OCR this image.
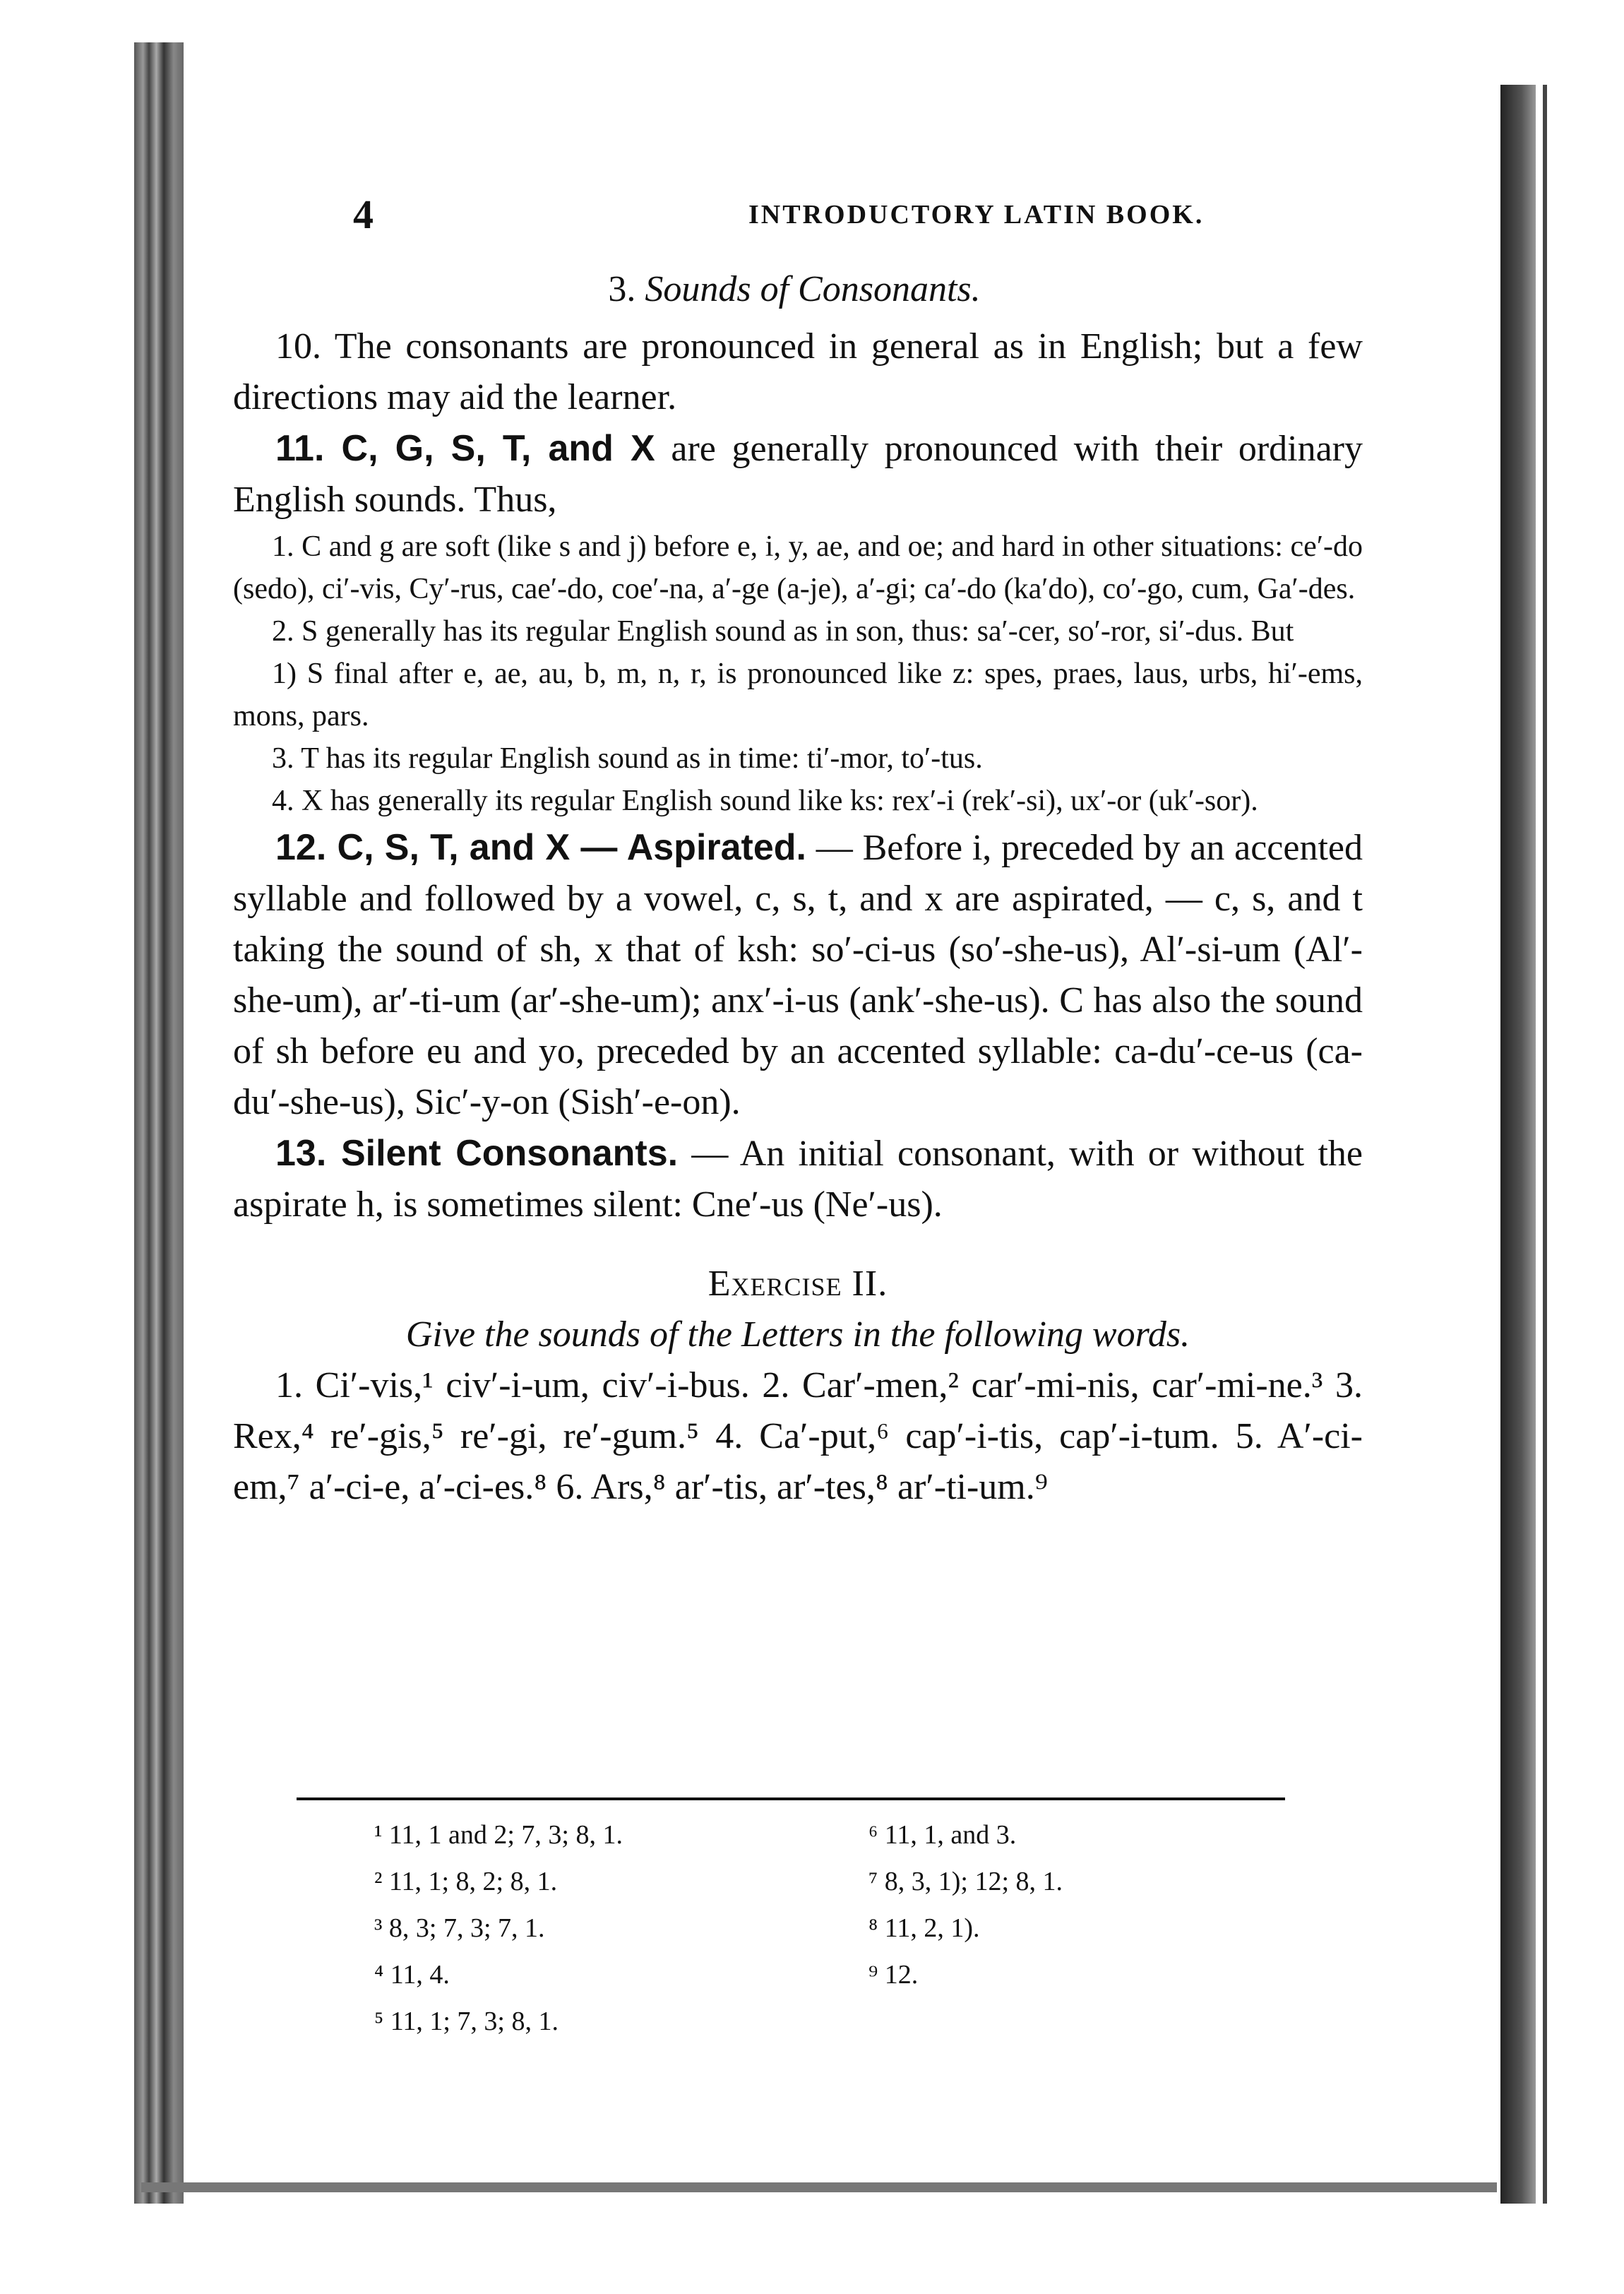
4	INTRODUCTORY LATIN BOOK.
3. Sounds of Consonants.

10. The consonants are pronounced in general as in English; but a few directions may aid the learner.

11. C, G, S, T, and X are generally pronounced with their ordinary English sounds. Thus,

1. C and g are soft (like s and j) before e, i, y, ae, and oe; and hard in other situations: ce′-do (sedo), ci′-vis, Cy′-rus, cae′-do, coe′-na, a′-ge (a-je), a′-gi; ca′-do (ka′do), co′-go, cum, Ga′-des.

2. S generally has its regular English sound as in son, thus: sa′-cer, so′-ror, si′-dus. But

1) S final after e, ae, au, b, m, n, r, is pronounced like z: spes, praes, laus, urbs, hi′-ems, mons, pars.

3. T has its regular English sound as in time: ti′-mor, to′-tus.

4. X has generally its regular English sound like ks: rex′-i (rek′-si), ux′-or (uk′-sor).

12. C, S, T, and X — Aspirated. — Before i, preceded by an accented syllable and followed by a vowel, c, s, t, and x are aspirated, — c, s, and t taking the sound of sh, x that of ksh: so′-ci-us (so′-she-us), Al′-si-um (Al′-she-um), ar′-ti-um (ar′-she-um); anx′-i-us (ank′-she-us). C has also the sound of sh before eu and yo, preceded by an accented syllable: ca-du′-ce-us (ca-du′-she-us), Sic′-y-on (Sish′-e-on).

13. Silent Consonants. — An initial consonant, with or without the aspirate h, is sometimes silent: Cne′-us (Ne′-us).

Exercise II.

Give the sounds of the Letters in the following words.

1. Ci′-vis,¹ civ′-i-um, civ′-i-bus. 2. Car′-men,² car′-mi-nis, car′-mi-ne.³ 3. Rex,⁴ re′-gis,⁵ re′-gi, re′-gum.⁵ 4. Ca′-put,⁶ cap′-i-tis, cap′-i-tum. 5. A′-ci-em,⁷ a′-ci-e, a′-ci-es.⁸ 6. Ars,⁸ ar′-tis, ar′-tes,⁸ ar′-ti-um.⁹

¹ 11, 1 and 2; 7, 3; 8, 1.
² 11, 1; 8, 2; 8, 1.
³ 8, 3; 7, 3; 7, 1.
⁴ 11, 4.
⁵ 11, 1; 7, 3; 8, 1.
⁶ 11, 1, and 3.
⁷ 8, 3, 1); 12; 8, 1.
⁸ 11, 2, 1).
⁹ 12.
